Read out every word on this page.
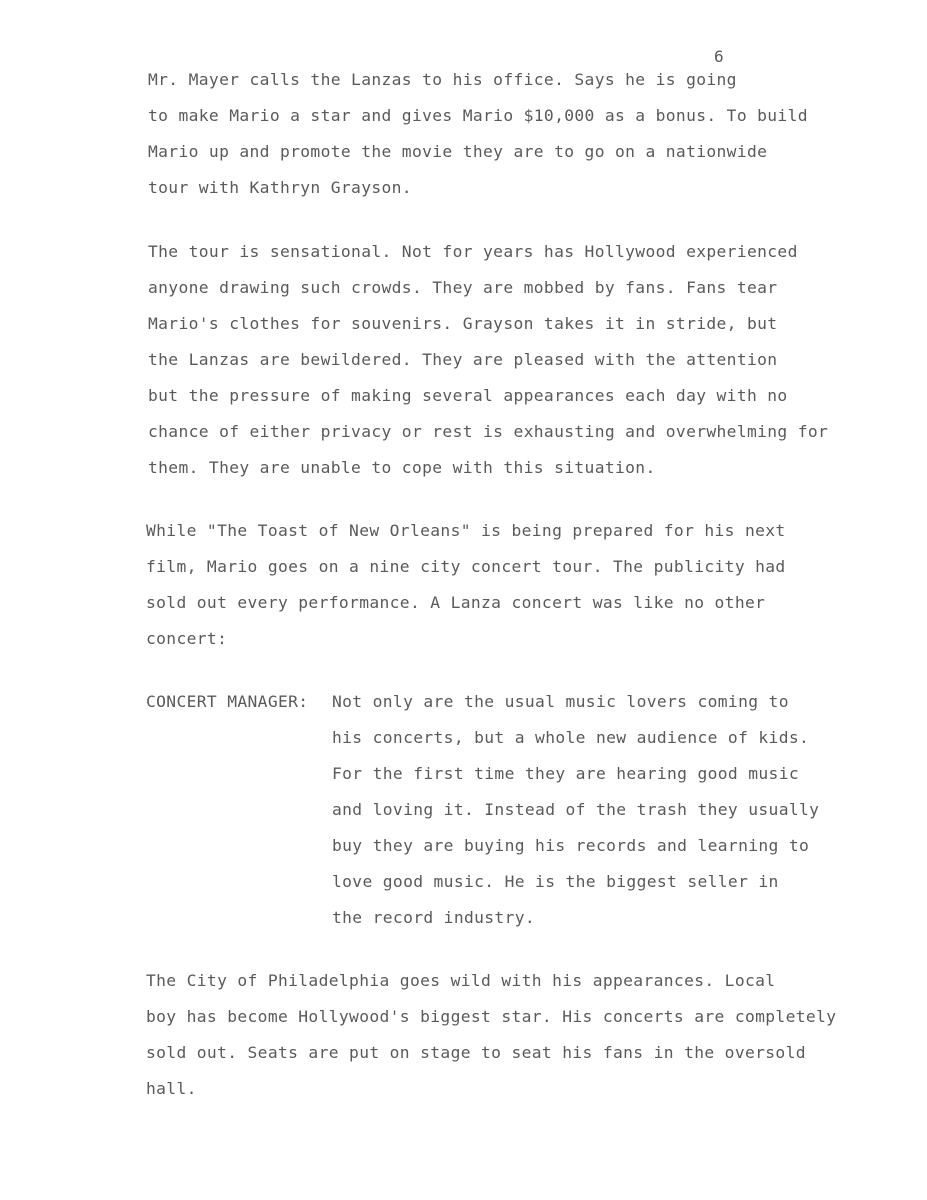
6
Mr. Mayer calls the Lanzas to his office. Says he is going
to make Mario a star and gives Mario $10,000 as a bonus. To build
Mario up and promote the movie they are to go on a nationwide
tour with Kathryn Grayson.
The tour is sensational. Not for years has Hollywood experienced
anyone drawing such crowds. They are mobbed by fans. Fans tear
Mario's clothes for souvenirs. Grayson takes it in stride, but
the Lanzas are bewildered. They are pleased with the attention
but the pressure of making several appearances each day with no
chance of either privacy or rest is exhausting and overwhelming for
them. They are unable to cope with this situation.
While "The Toast of New Orleans" is being prepared for his next
film, Mario goes on a nine city concert tour. The publicity had
sold out every performance. A Lanza concert was like no other
concert:
CONCERT MANAGER: Not only are the usual music lovers coming to
his concerts, but a whole new audience of kids.
For the first time they are hearing good music
and loving it. Instead of the trash they usually
buy they are buying his records and learning to
love good music. He is the biggest seller in
the record industry.
The City of Philadelphia goes wild with his appearances. Local
boy has become Hollywood's biggest star. His concerts are completely
sold out. Seats are put on stage to seat his fans in the oversold
hall.
